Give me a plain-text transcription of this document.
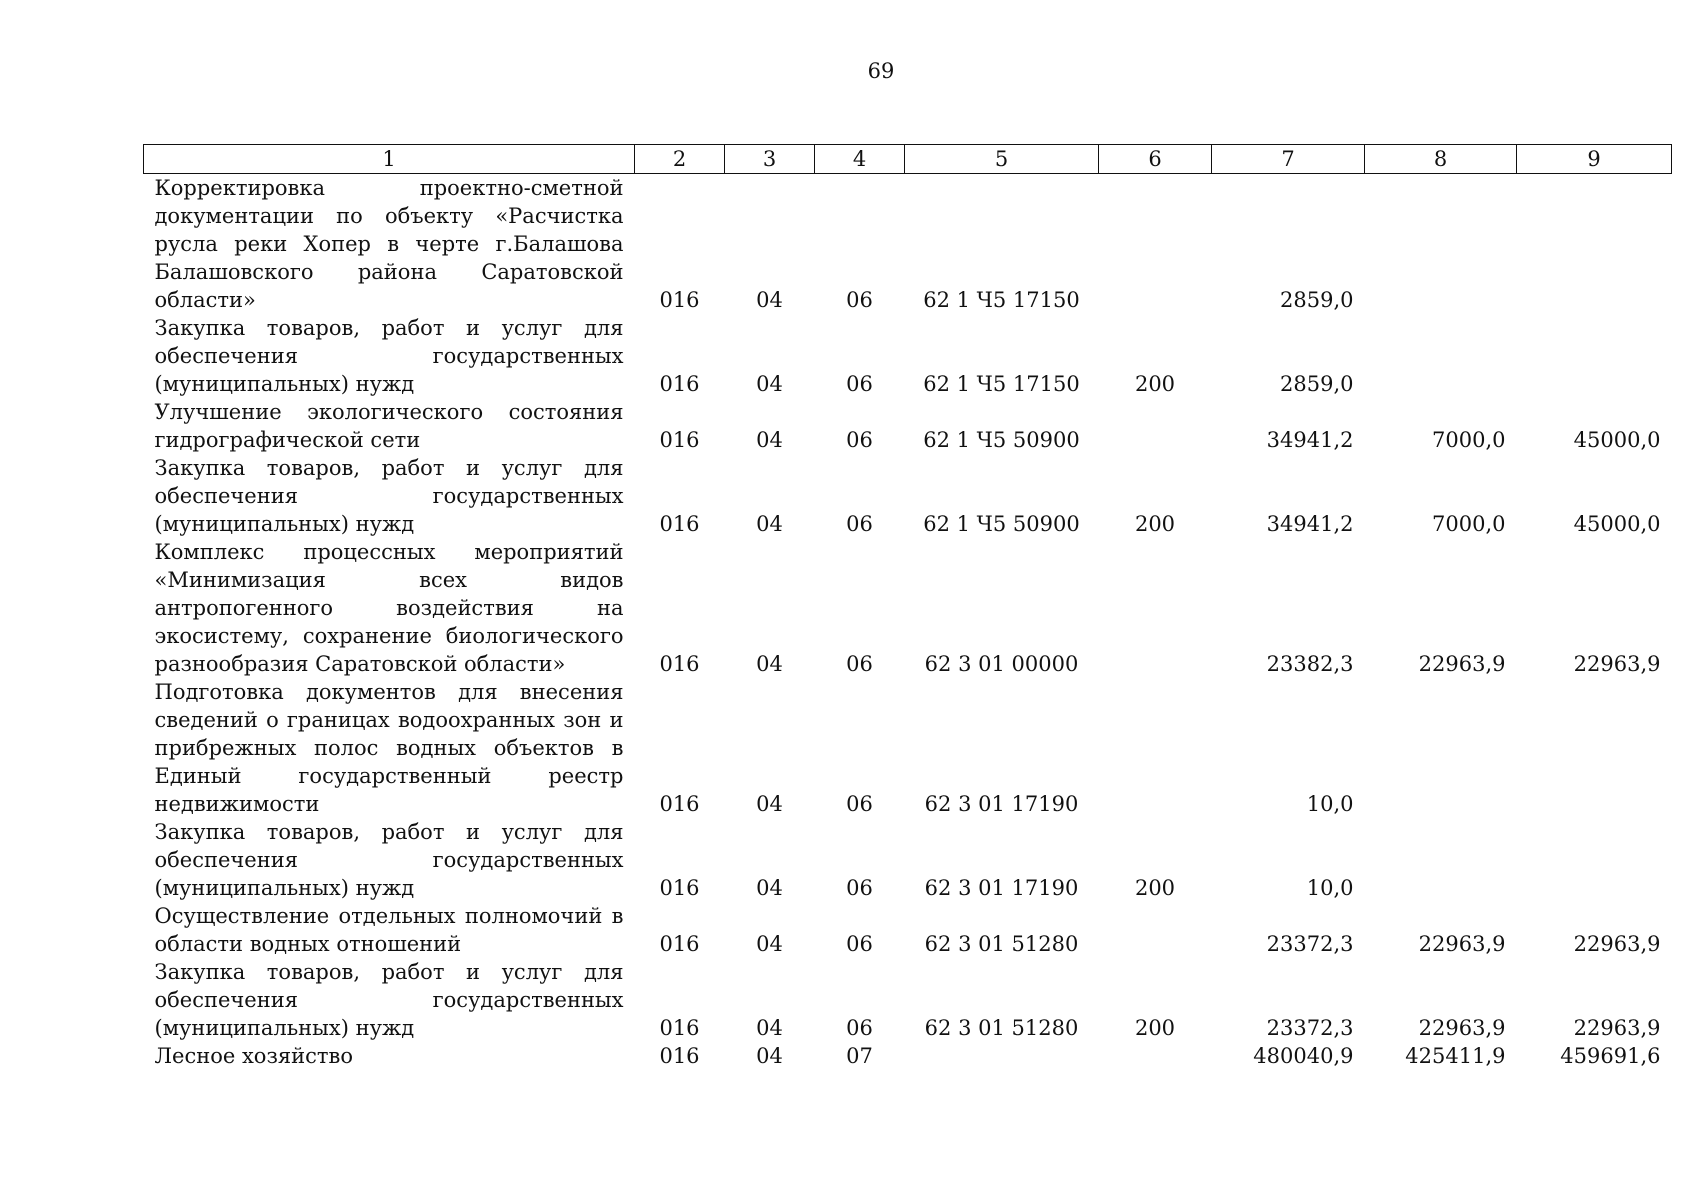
69
1	2	3	4	5	6	7	8	9
Корректировка проектно-сметной документации по объекту «Расчистка русла реки Хопер в черте г.Балашова Балашовского района Саратовской области»	016	04	06	62 1 Ч5 17150		2859,0		
Закупка товаров, работ и услуг для обеспечения государственных (муниципальных) нужд	016	04	06	62 1 Ч5 17150	200	2859,0		
Улучшение экологического состояния гидрографической сети	016	04	06	62 1 Ч5 50900		34941,2	7000,0	45000,0
Закупка товаров, работ и услуг для обеспечения государственных (муниципальных) нужд	016	04	06	62 1 Ч5 50900	200	34941,2	7000,0	45000,0
Комплекс процессных мероприятий «Минимизация всех видов антропогенного воздействия на экосистему, сохранение биологического разнообразия Саратовской области»	016	04	06	62 3 01 00000		23382,3	22963,9	22963,9
Подготовка документов для внесения сведений о границах водоохранных зон и прибрежных полос водных объектов в Единый государственный реестр недвижимости	016	04	06	62 3 01 17190		10,0		
Закупка товаров, работ и услуг для обеспечения государственных (муниципальных) нужд	016	04	06	62 3 01 17190	200	10,0		
Осуществление отдельных полномочий в области водных отношений	016	04	06	62 3 01 51280		23372,3	22963,9	22963,9
Закупка товаров, работ и услуг для обеспечения государственных (муниципальных) нужд	016	04	06	62 3 01 51280	200	23372,3	22963,9	22963,9
Лесное хозяйство	016	04	07			480040,9	425411,9	459691,6
